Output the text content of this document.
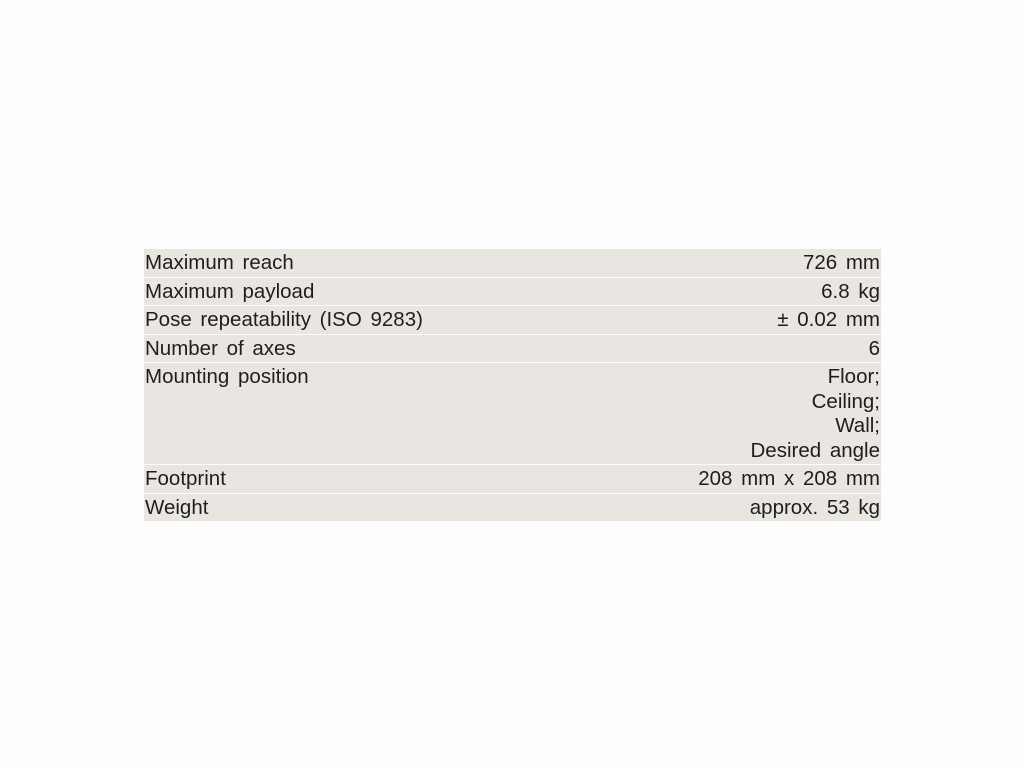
Maximum reach	726 mm
Maximum payload	6.8 kg
Pose repeatability (ISO 9283)	± 0.02 mm
Number of axes	6
Mounting position	Floor;
Ceiling;
Wall;
Desired angle
Footprint	208 mm x 208 mm
Weight	approx. 53 kg
